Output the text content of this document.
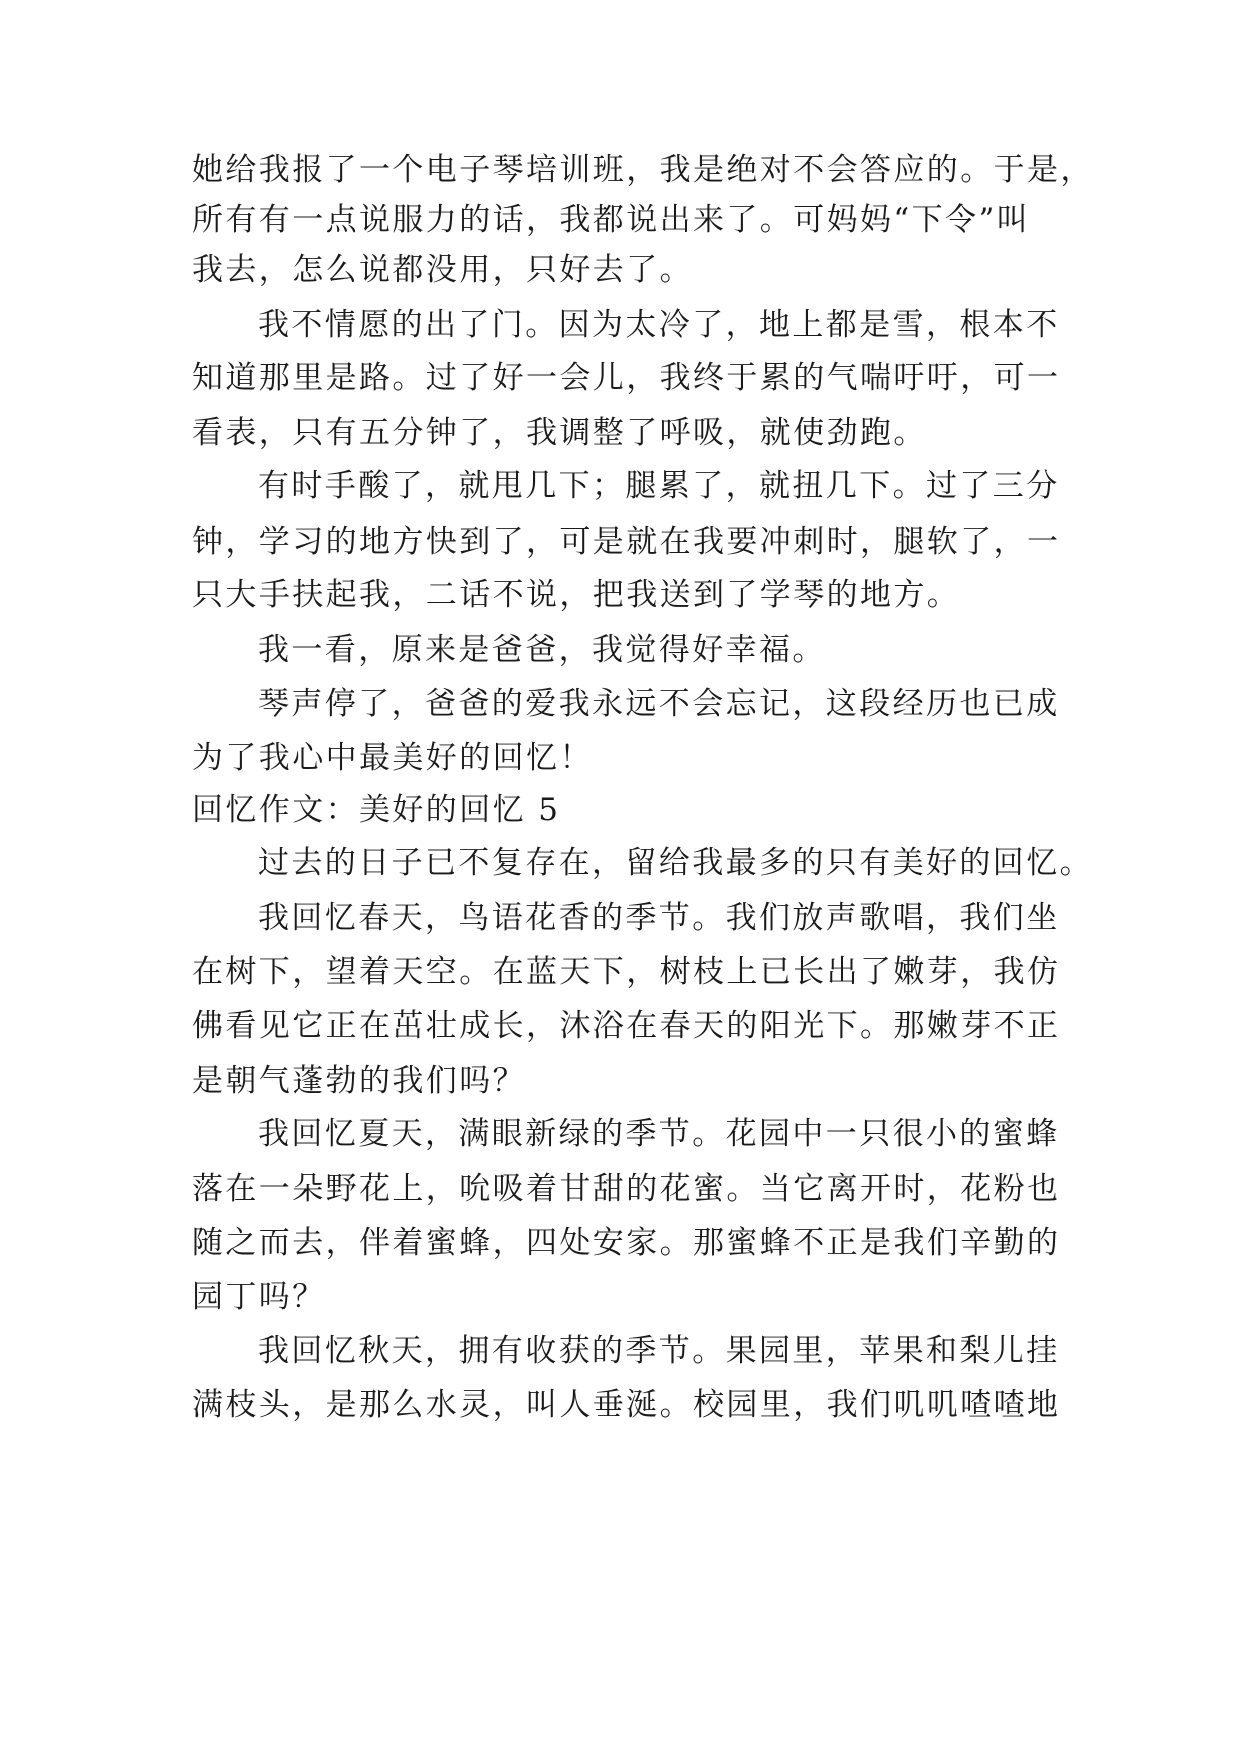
她给我报了一个电子琴培训班，我是绝对不会答应的。于是，
所有有一点说服力的话，我都说出来了。可妈妈“下令”叫
我去，怎么说都没用，只好去了。
我不情愿的出了门。因为太冷了，地上都是雪，根本不
知道那里是路。过了好一会儿，我终于累的气喘吁吁，可一
看表，只有五分钟了，我调整了呼吸，就使劲跑。
有时手酸了，就甩几下；腿累了，就扭几下。过了三分
钟，学习的地方快到了，可是就在我要冲刺时，腿软了，一
只大手扶起我，二话不说，把我送到了学琴的地方。
我一看，原来是爸爸，我觉得好幸福。
琴声停了，爸爸的爱我永远不会忘记，这段经历也已成
为了我心中最美好的回忆！
回忆作文：美好的回忆 5
过去的日子已不复存在，留给我最多的只有美好的回忆。
我回忆春天，鸟语花香的季节。我们放声歌唱，我们坐
在树下，望着天空。在蓝天下，树枝上已长出了嫩芽，我仿
佛看见它正在茁壮成长，沐浴在春天的阳光下。那嫩芽不正
是朝气蓬勃的我们吗？
我回忆夏天，满眼新绿的季节。花园中一只很小的蜜蜂
落在一朵野花上，吮吸着甘甜的花蜜。当它离开时，花粉也
随之而去，伴着蜜蜂，四处安家。那蜜蜂不正是我们辛勤的
园丁吗？
我回忆秋天，拥有收获的季节。果园里，苹果和梨儿挂
满枝头，是那么水灵，叫人垂涎。校园里，我们叽叽喳喳地
